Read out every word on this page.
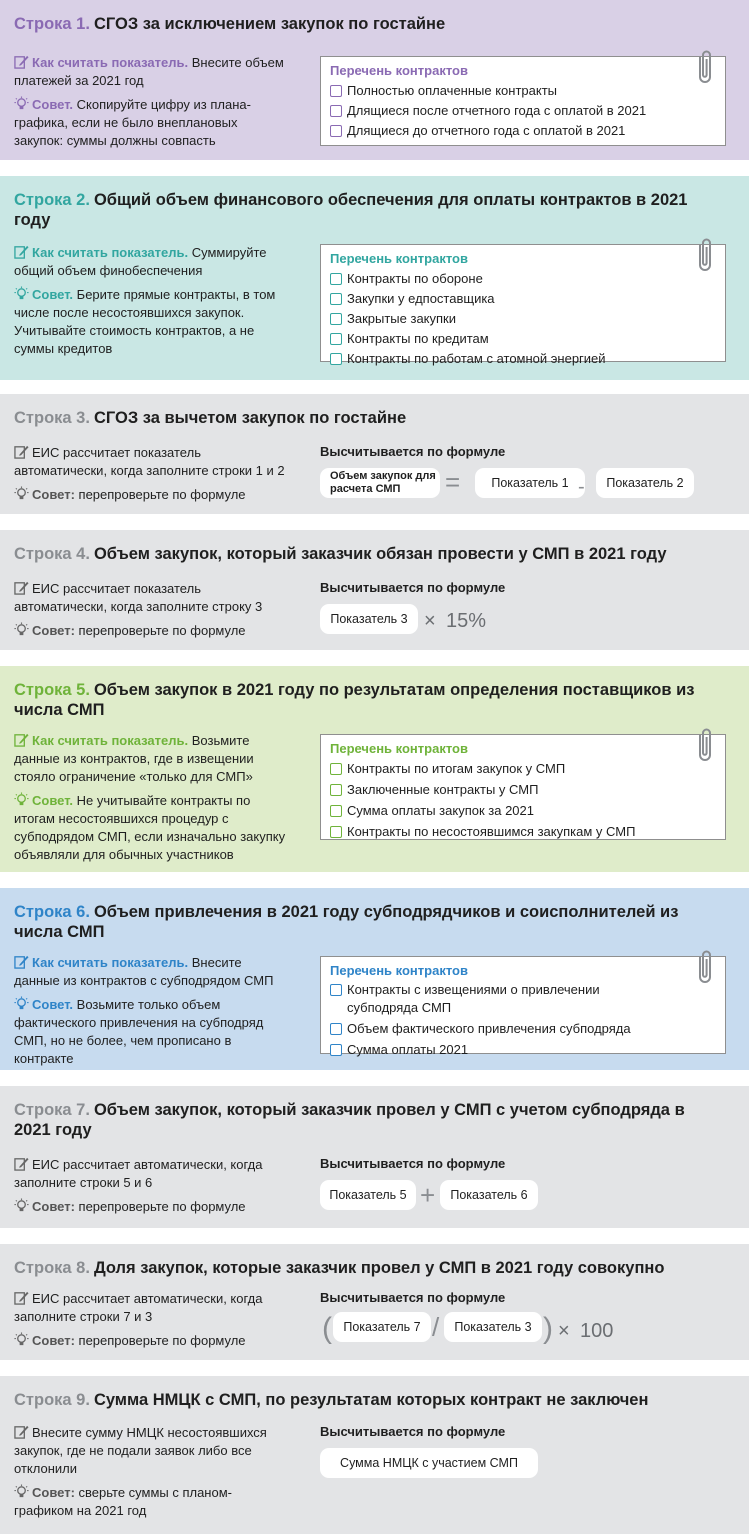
Строка 1. СГОЗ за исключением закупок по гостайне
Как считать показатель. Внесите объем платежей за 2021 год
Совет. Скопируйте цифру из плана-графика, если не было внеплановых закупок: суммы должны совпасть
Перечень контрактов
Полностью оплаченные контракты
Длящиеся после отчетного года с оплатой в 2021
Длящиеся до отчетного года с оплатой в 2021
Строка 2. Общий объем финансового обеспечения для оплаты контрактов в 2021 году
Как считать показатель. Суммируйте общий объем финобеспечения
Совет. Берите прямые контракты, в том числе после несостоявшихся закупок. Учитывайте стоимость контрактов, а не суммы кредитов
Перечень контрактов
Контракты по обороне
Закупки у едпоставщика
Закрытые закупки
Контракты по кредитам
Контракты по работам с атомной энергией
Строка 3. СГОЗ за вычетом закупок по гостайне
ЕИС рассчитает показатель автоматически, когда заполните строки 1 и 2
Совет: перепроверьте по формуле
Высчитывается по формуле
Объем закупок для расчета СМП	=	Показатель 1 -	Показатель 2
Строка 4. Объем закупок, который заказчик обязан провести у СМП в 2021 году
ЕИС рассчитает показатель автоматически, когда заполните строку 3
Совет: перепроверьте по формуле
Высчитывается по формуле
Показатель 3 × 15%
Строка 5. Объем закупок в 2021 году по результатам определения поставщиков из числа СМП
Как считать показатель. Возьмите данные из контрактов, где в извещении стояло ограничение «только для СМП»
Совет. Не учитывайте контракты по итогам несостоявшихся процедур с субподрядом СМП, если изначально закупку объявляли для обычных участников
Перечень контрактов
Контракты по итогам закупок у СМП
Заключенные контракты у СМП
Сумма оплаты закупок за 2021
Контракты по несостоявшимся закупкам у СМП
Строка 6. Объем привлечения в 2021 году субподрядчиков и соисполнителей из числа СМП
Как считать показатель. Внесите данные из контрактов с субподрядом СМП
Совет. Возьмите только объем фактического привлечения на субподряд СМП, но не более, чем прописано в контракте
Перечень контрактов
Контракты с извещениями о привлечении субподряда СМП
Объем фактического привлечения субподряда
Сумма оплаты 2021
Строка 7. Объем закупок, который заказчик провел у СМП с учетом субподряда в 2021 году
ЕИС рассчитает автоматически, когда заполните строки 5 и 6
Совет: перепроверьте по формуле
Высчитывается по формуле
Показатель 5 +	Показатель 6
Строка 8. Доля закупок, которые заказчик провел у СМП в 2021 году совокупно
ЕИС рассчитает автоматически, когда заполните строки 7 и 3
Совет: перепроверьте по формуле
Высчитывается по формуле
( Показатель 7 /	Показатель 3 ) × 100
Строка 9. Сумма НМЦК с СМП, по результатам которых контракт не заключен
Внесите сумму НМЦК несостоявшихся закупок, где не подали заявок либо все отклонили
Совет: сверьте суммы с планом-графиком на 2021 год
Высчитывается по формуле
Сумма НМЦК с участием СМП
